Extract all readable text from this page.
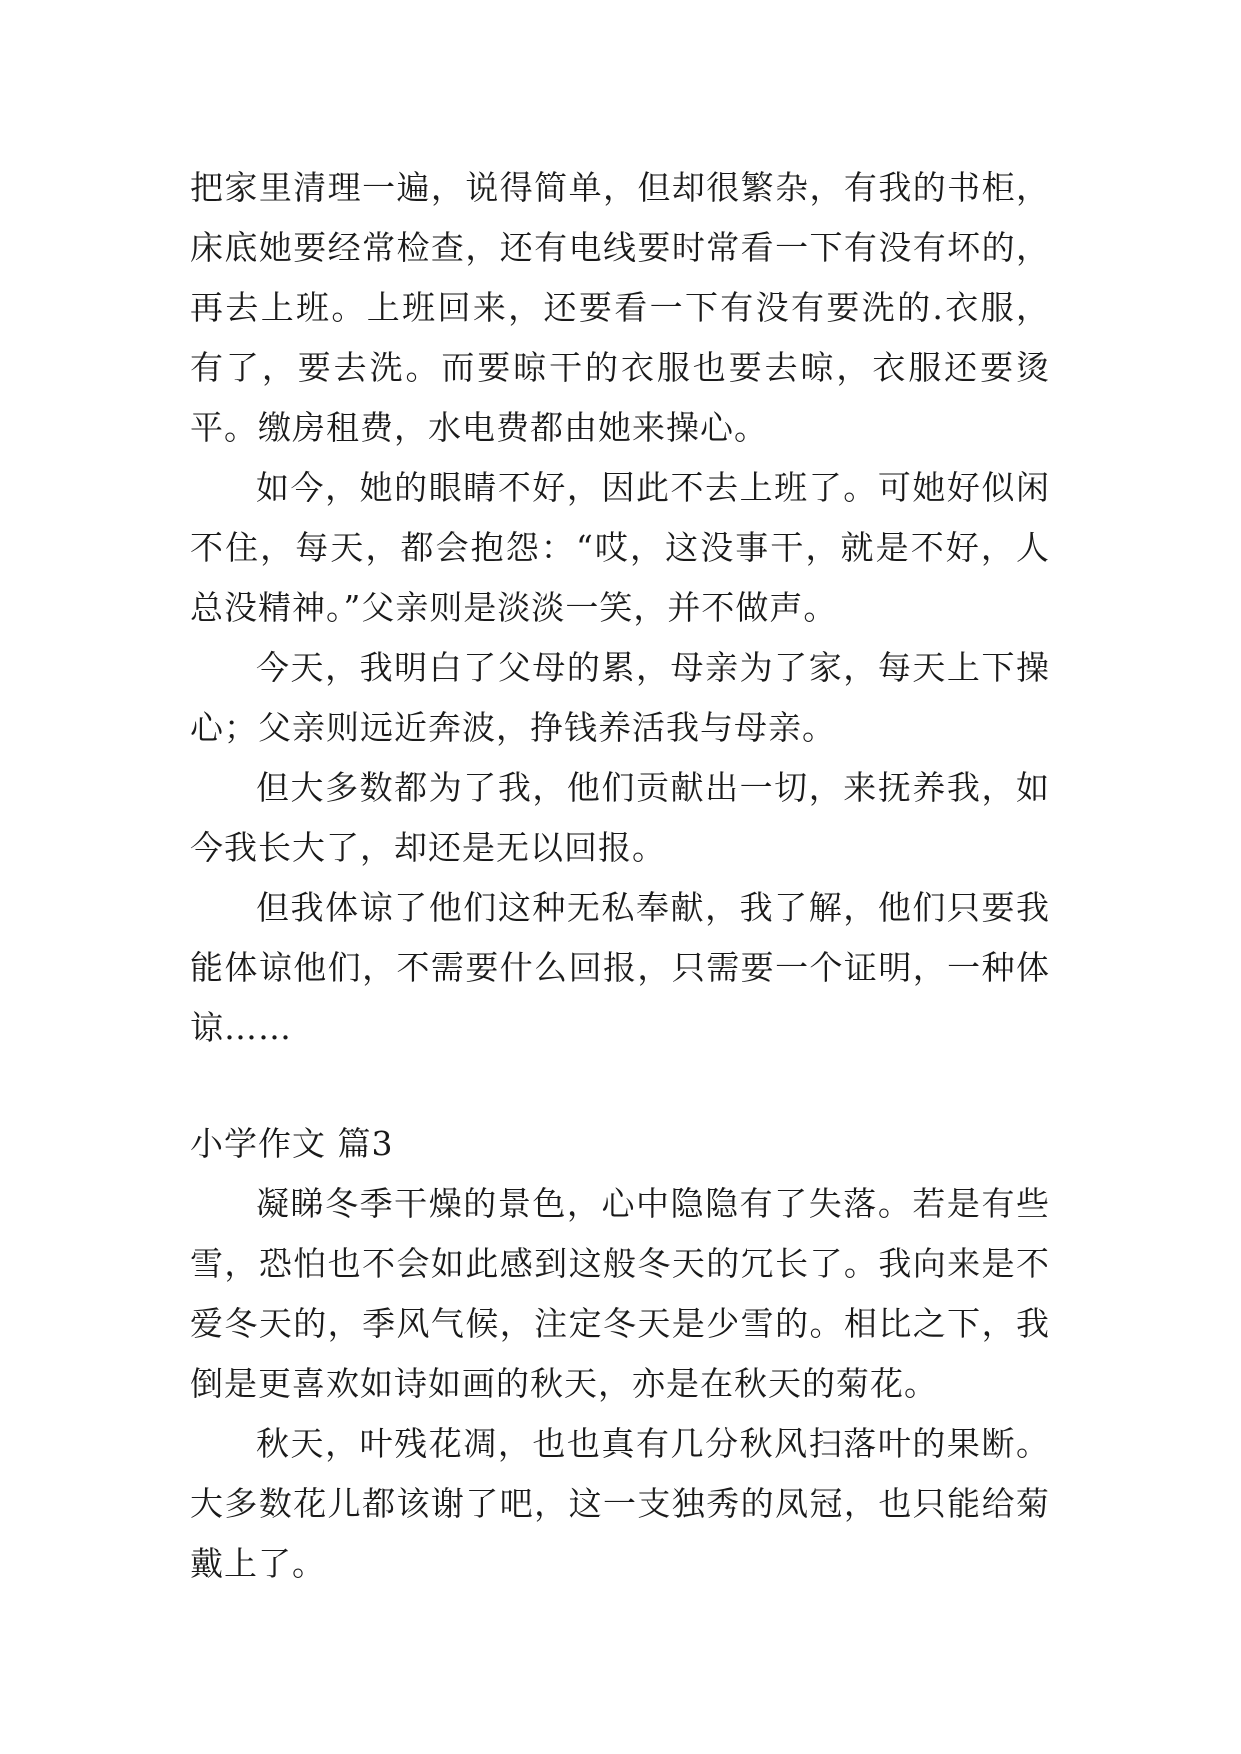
把家里清理一遍，说得简单，但却很繁杂，有我的书柜，床底她要经常检查，还有电线要时常看一下有没有坏的，再去上班。上班回来，还要看一下有没有要洗的.衣服，有了，要去洗。而要晾干的衣服也要去晾，衣服还要烫平。缴房租费，水电费都由她来操心。

如今，她的眼睛不好，因此不去上班了。可她好似闲不住，每天，都会抱怨：“哎，这没事干，就是不好，人总没精神。”父亲则是淡淡一笑，并不做声。

今天，我明白了父母的累，母亲为了家，每天上下操心；父亲则远近奔波，挣钱养活我与母亲。

但大多数都为了我，他们贡献出一切，来抚养我，如今我长大了，却还是无以回报。

但我体谅了他们这种无私奉献，我了解，他们只要我能体谅他们，不需要什么回报，只需要一个证明，一种体谅……

小学作文 篇3

凝睇冬季干燥的景色，心中隐隐有了失落。若是有些雪，恐怕也不会如此感到这般冬天的冗长了。我向来是不爱冬天的，季风气候，注定冬天是少雪的。相比之下，我倒是更喜欢如诗如画的秋天，亦是在秋天的菊花。

秋天，叶残花凋，也也真有几分秋风扫落叶的果断。大多数花儿都该谢了吧，这一支独秀的凤冠，也只能给菊戴上了。
